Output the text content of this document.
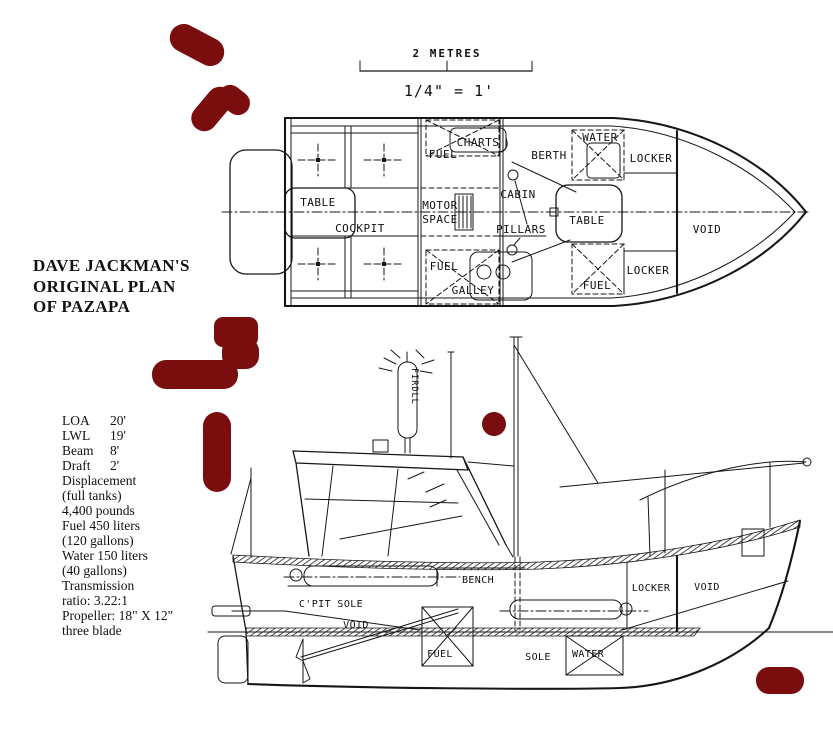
DAVE JACKMAN'S
ORIGINAL PLAN
OF PAZAPA
LOA 20'
LWL 19'
Beam 8'
Draft 2'
Displacement
(full tanks)
4,400 pounds
Fuel 450 liters
(120 gallons)
Water 150 liters
(40 gallons)
Transmission
ratio: 3.22:1
Propeller: 18" X 12"
three blade
2 METRES
1/4" = 1'
FUEL
CHARTS
BERTH
WATER
LOCKER
TABLE
COCKPIT
MOTOR
SPACE
CABIN
PILLARS
TABLE
FUEL
GALLEY	FUEL
LOCKER
VOID
FIRDLL
BENCH
C'PIT SOLE
VOID
FUEL	SOLE WATER
LOCKER VOID
